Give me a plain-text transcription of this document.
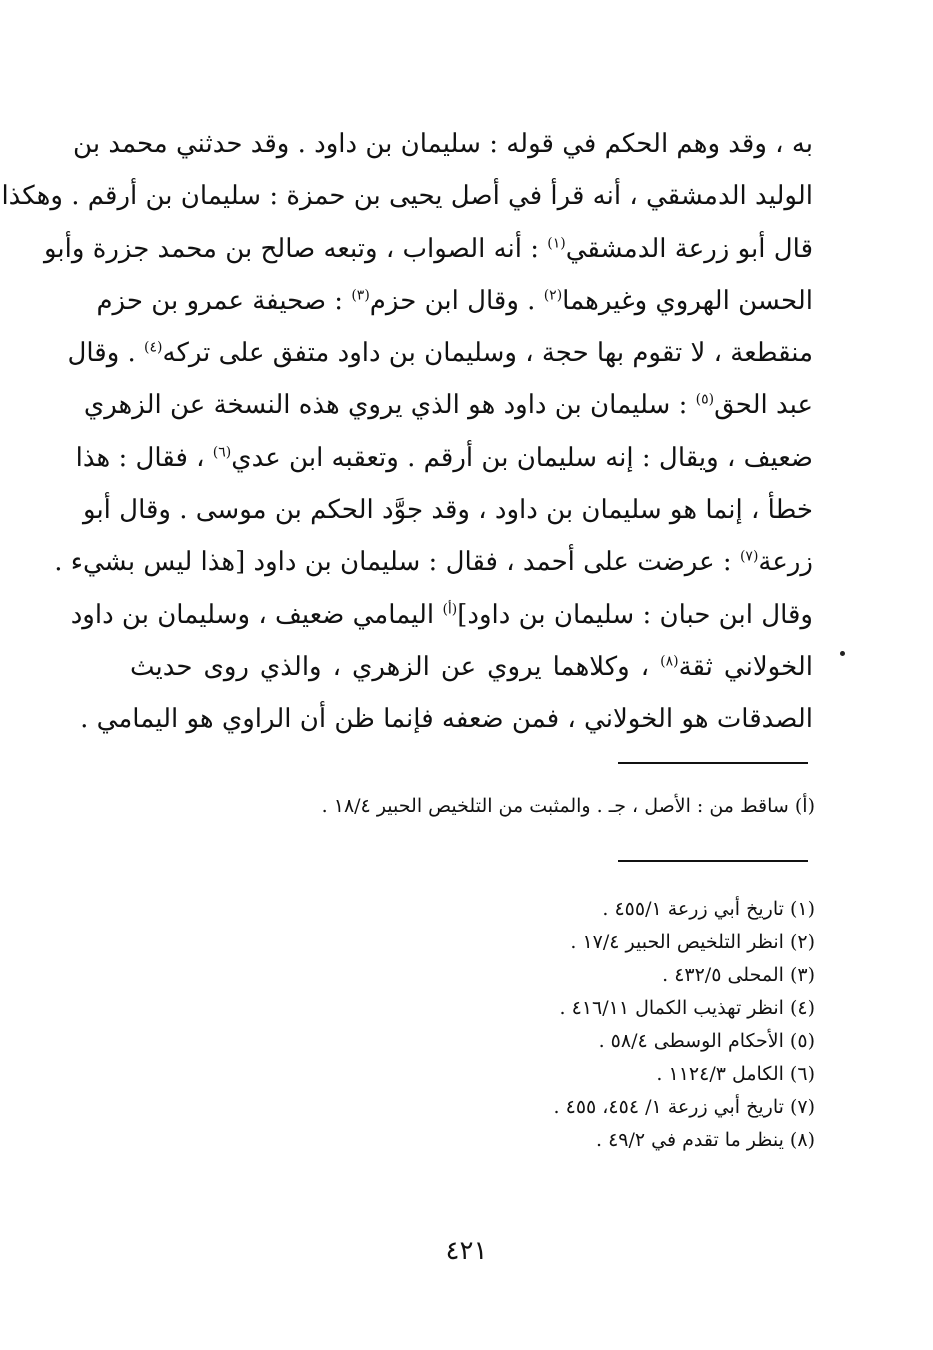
به ، وقد وهم الحكم في قوله : سليمان بن داود . وقد حدثني محمد بن
الوليد الدمشقي ، أنه قرأ في أصل يحيى بن حمزة : سليمان بن أرقم . وهكذا
قال أبو زرعة الدمشقي$^{(١)}$ : أنه الصواب ، وتبعه صالح بن محمد جزرة وأبو
الحسن الهروي وغيرهما$^{(٢)}$ . وقال ابن حزم$^{(٣)}$ : صحيفة عمرو بن حزم
منقطعة ، لا تقوم بها حجة ، وسليمان بن داود متفق على تركه$^{(٤)}$ . وقال
عبد الحق$^{(٥)}$ : سليمان بن داود هو الذي يروي هذه النسخة عن الزهري
ضعيف ، ويقال : إنه سليمان بن أرقم . وتعقبه ابن عدي$^{(٦)}$ ، فقال : هذا
خطأ ، إنما هو سليمان بن داود ، وقد جوَّد الحكم بن موسى . وقال أبو
زرعة$^{(٧)}$ : عرضت على أحمد ، فقال : سليمان بن داود [هذا ليس بشيء .
وقال ابن حبان : سليمان بن داود]$^{(أ)}$ اليمامي ضعيف ، وسليمان بن داود
الخولاني ثقة$^{(٨)}$ ، وكلاهما يروي عن الزهري ، والذي روى حديث
الصدقات هو الخولاني ، فمن ضعفه فإنما ظن أن الراوي هو اليمامي .
(أ) ساقط من : الأصل ، جـ . والمثبت من التلخيص الحبير ١٨/٤ .
(١) تاريخ أبي زرعة ٤٥٥/١ .
(٢) انظر التلخيص الحبير ١٧/٤ .
(٣) المحلى ٤٣٢/٥ .
(٤) انظر تهذيب الكمال ٤١٦/١١ .
(٥) الأحكام الوسطى ٥٨/٤ .
(٦) الكامل ١١٢٤/٣ .
(٧) تاريخ أبي زرعة ١/ ٤٥٤، ٤٥٥ .
(٨) ينظر ما تقدم في ٤٩/٢ .
٤٢١
